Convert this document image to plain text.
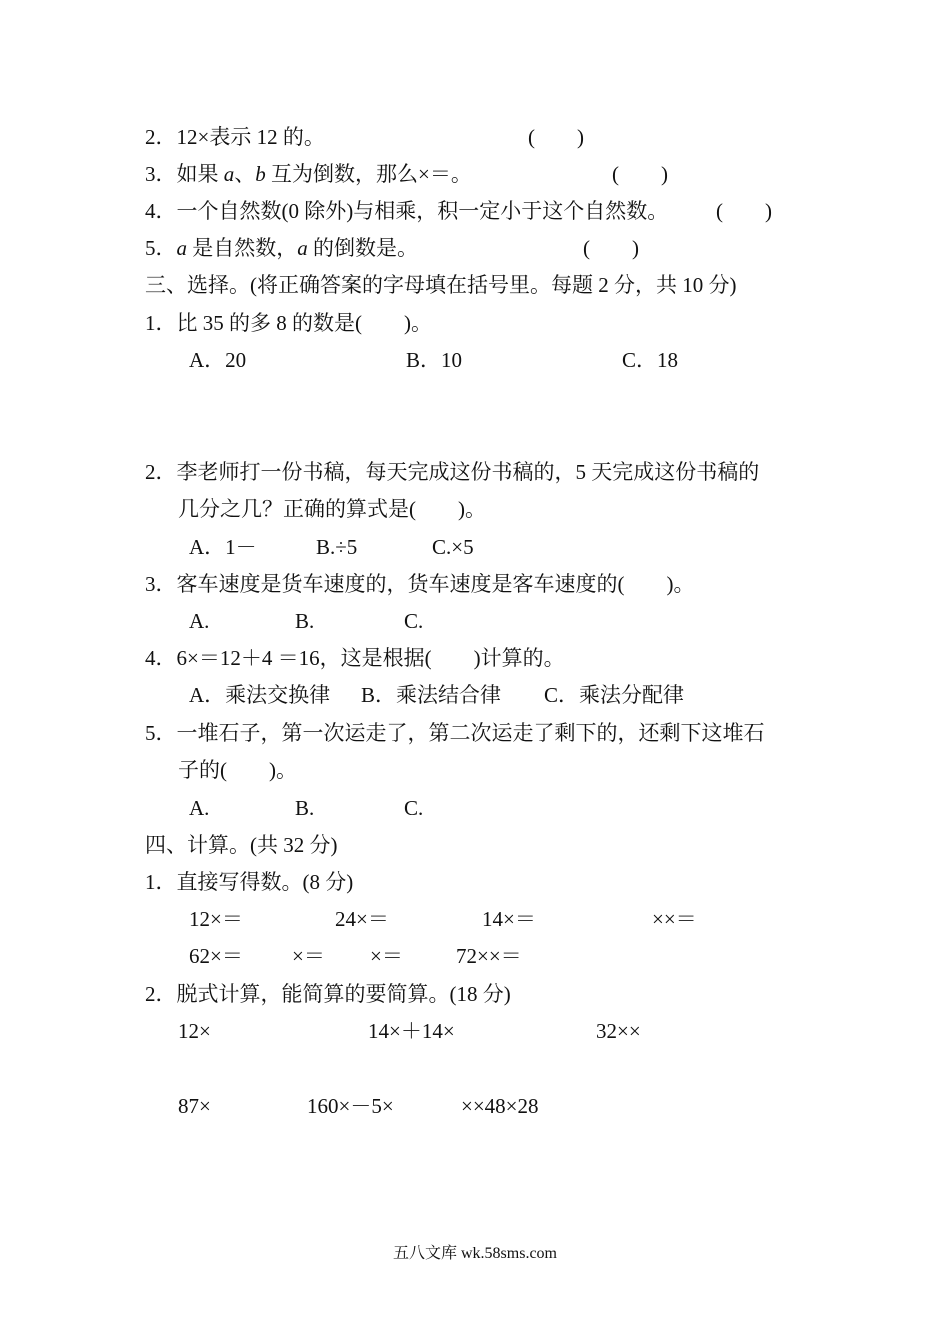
2．12×表示 12 的。	(　　)
3．如果 a、b 互为倒数，那么×＝。	(　　)
4．一个自然数(0 除外)与相乘，积一定小于这个自然数。 (　　)
5．a 是自然数，a 的倒数是。	(　　)
三、选择。(将正确答案的字母填在括号里。每题 2 分，共 10 分)
1．比 35 的多 8 的数是(　　)。
A．20	B．10	C．18
2．李老师打一份书稿，每天完成这份书稿的，5 天完成这份书稿的
几分之几？正确的算式是(　　)。
A．1－	B.÷5	C.×5
3．客车速度是货车速度的，货车速度是客车速度的(　　)。
A.	B.	C.
4．6×＝12＋4 ＝16，这是根据(　　)计算的。
A．乘法交换律 B．乘法结合律 C．乘法分配律
5．一堆石子，第一次运走了，第二次运走了剩下的，还剩下这堆石
子的(　　)。
A.	B.	C.
四、计算。(共 32 分)
1．直接写得数。(8 分)
12×＝	24×＝	14×＝	××＝
62×＝ ×＝ ×＝	72××＝
2．脱式计算，能简算的要简算。(18 分)
12×	14×＋14×	32××
87×	160×－5×	××48×28
五八文库 wk.58sms.com
